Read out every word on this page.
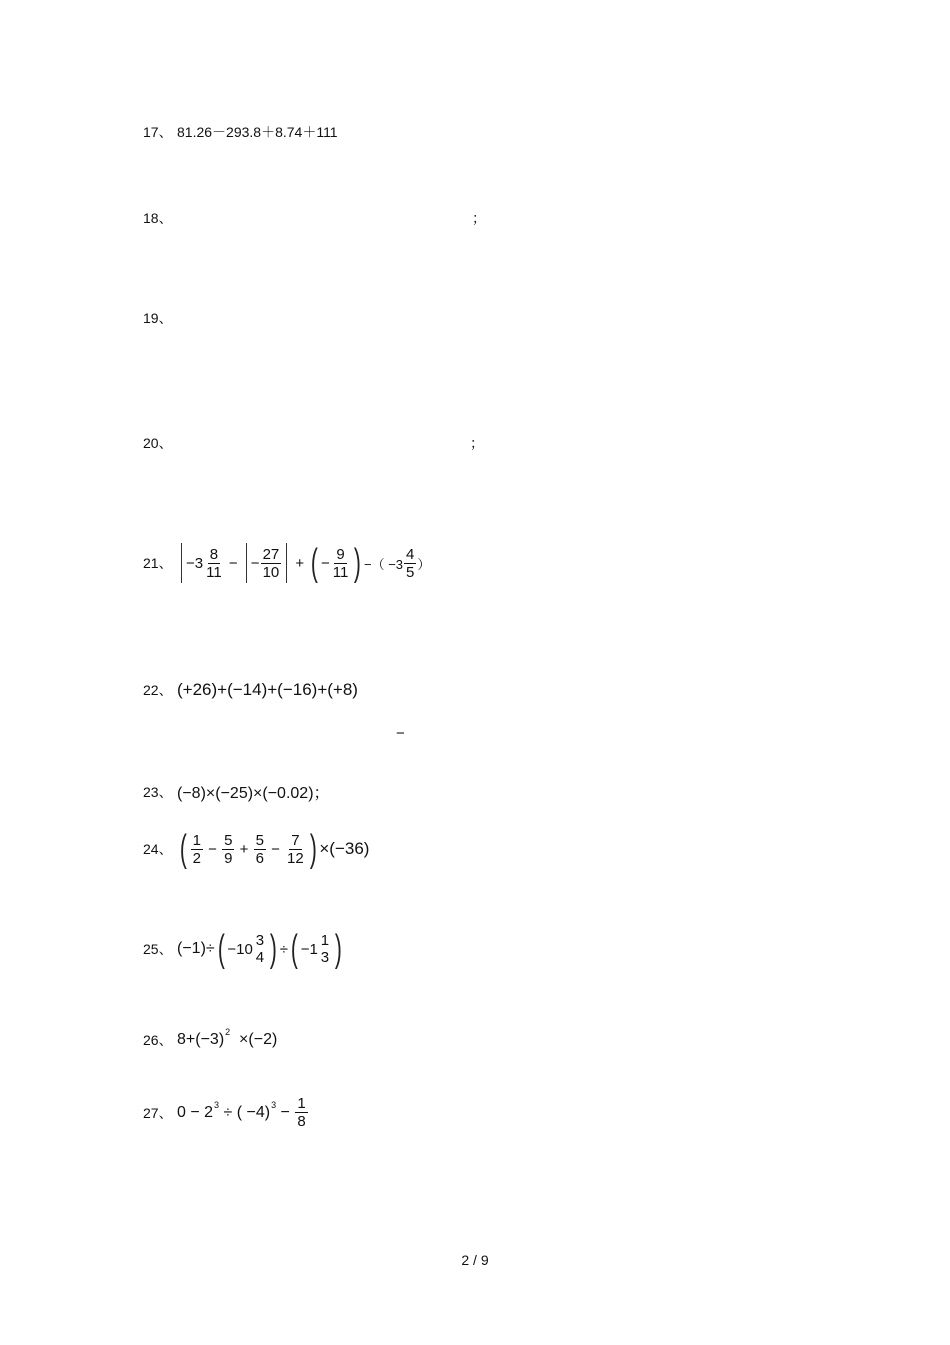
17、 81.26－293.8＋8.74＋111
18、	；
19、
20、	；
21、 $-3 \frac{8}{11}$ − − $\frac{27}{10}$ + ( − $\frac{9}{11}$ ) −（ $-3 \frac{4}{5}$ ）
22、 (+26)+(−14)+(−16)+(+8)
−
23、 (−8)×(−25)×(−0.02)；
24、 ( $\frac{1}{2} - \frac{5}{9} + \frac{5}{6} - \frac{7}{12}$ ) ×(−36)
25、 (−1)÷ ( −10 3
4 ) ÷ ( −1 1
3 )
26、 8+(−3) 2
×(−2)
27、 0 − 2 3 ÷ ( −4) $3 - \frac{1}{8}$
2 / 9
